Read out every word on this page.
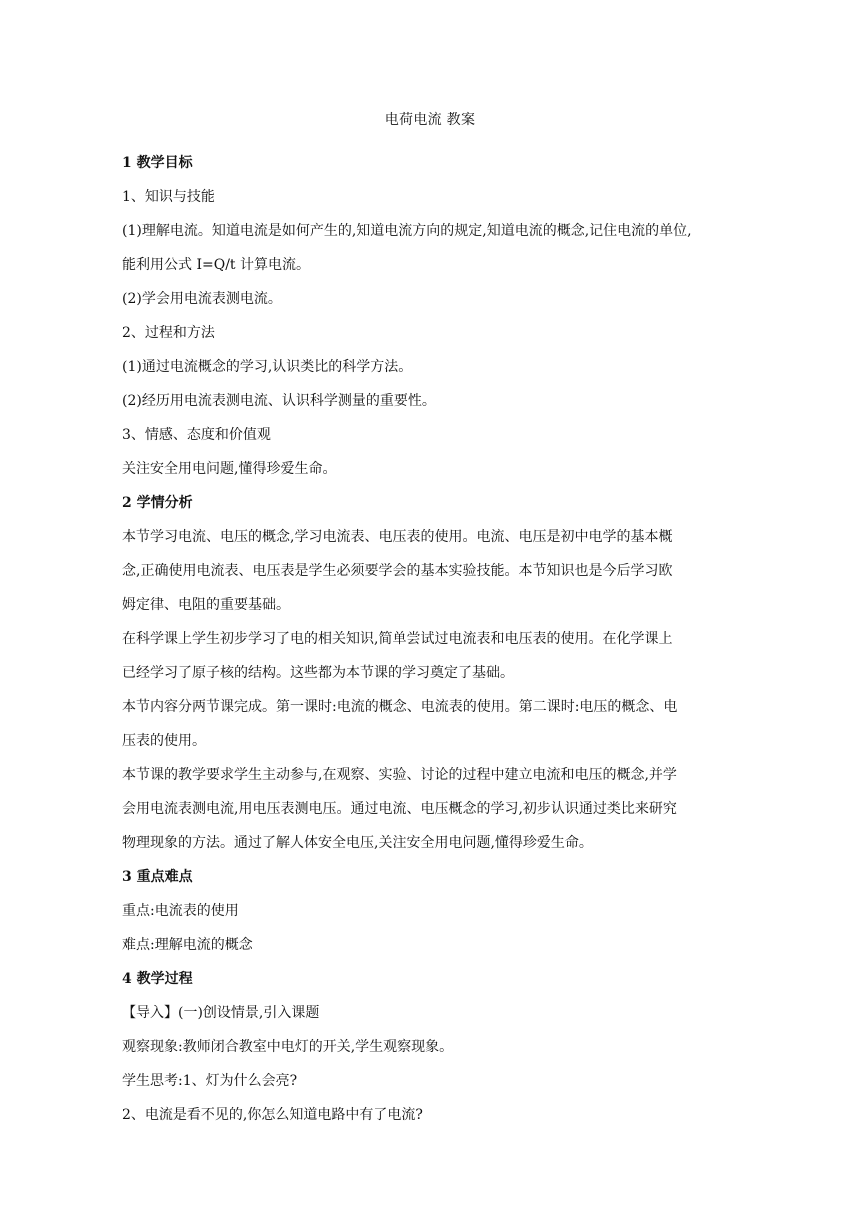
电荷电流 教案
1 教学目标
1、知识与技能
(1)理解电流。知道电流是如何产生的,知道电流方向的规定,知道电流的概念,记住电流的单位,
能利用公式 I=Q/t 计算电流。
(2)学会用电流表测电流。
2、过程和方法
(1)通过电流概念的学习,认识类比的科学方法。
(2)经历用电流表测电流、认识科学测量的重要性。
3、情感、态度和价值观
关注安全用电问题,懂得珍爱生命。
2 学情分析
本节学习电流、电压的概念,学习电流表、电压表的使用。电流、电压是初中电学的基本概
念,正确使用电流表、电压表是学生必须要学会的基本实验技能。本节知识也是今后学习欧
姆定律、电阻的重要基础。
在科学课上学生初步学习了电的相关知识,简单尝试过电流表和电压表的使用。在化学课上
已经学习了原子核的结构。这些都为本节课的学习奠定了基础。
本节内容分两节课完成。第一课时:电流的概念、电流表的使用。第二课时:电压的概念、电
压表的使用。
本节课的教学要求学生主动参与,在观察、实验、讨论的过程中建立电流和电压的概念,并学
会用电流表测电流,用电压表测电压。通过电流、电压概念的学习,初步认识通过类比来研究
物理现象的方法。通过了解人体安全电压,关注安全用电问题,懂得珍爱生命。
3 重点难点
重点:电流表的使用
难点:理解电流的概念
4 教学过程
【导入】(一)创设情景,引入课题
观察现象:教师闭合教室中电灯的开关,学生观察现象。
学生思考:1、灯为什么会亮?
2、电流是看不见的,你怎么知道电路中有了电流?
